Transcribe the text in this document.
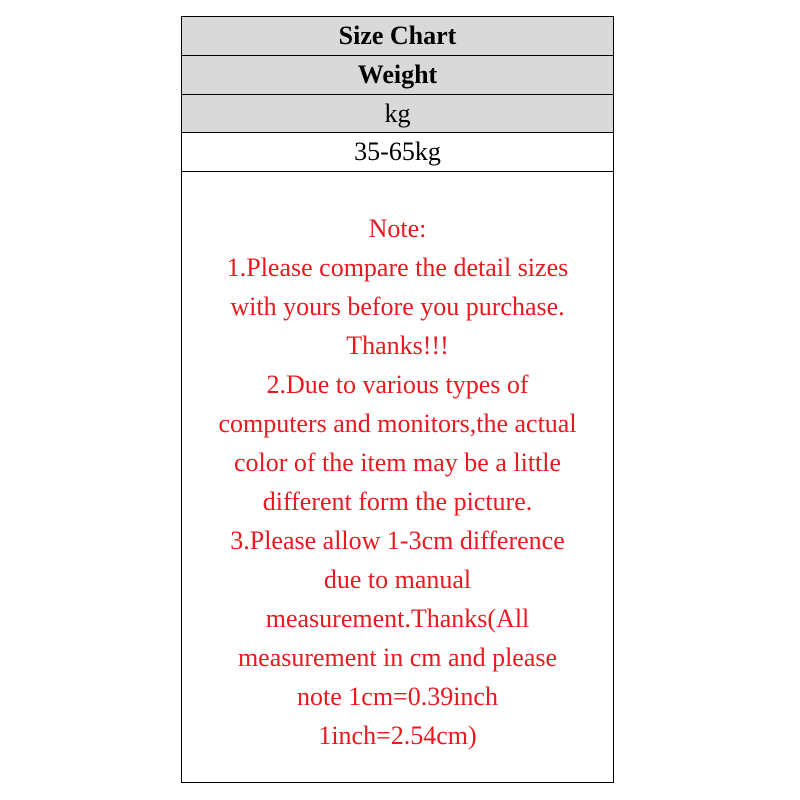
Size Chart
Weight
kg
35-65kg
Note:
1.Please compare the detail sizes
with yours before you purchase.
Thanks!!!
2.Due to various types of
computers and monitors,the actual
color of the item may be a little
different form the picture.
3.Please allow 1-3cm difference
due to manual
measurement.Thanks(All
measurement in cm and please
note 1cm=0.39inch
1inch=2.54cm)
